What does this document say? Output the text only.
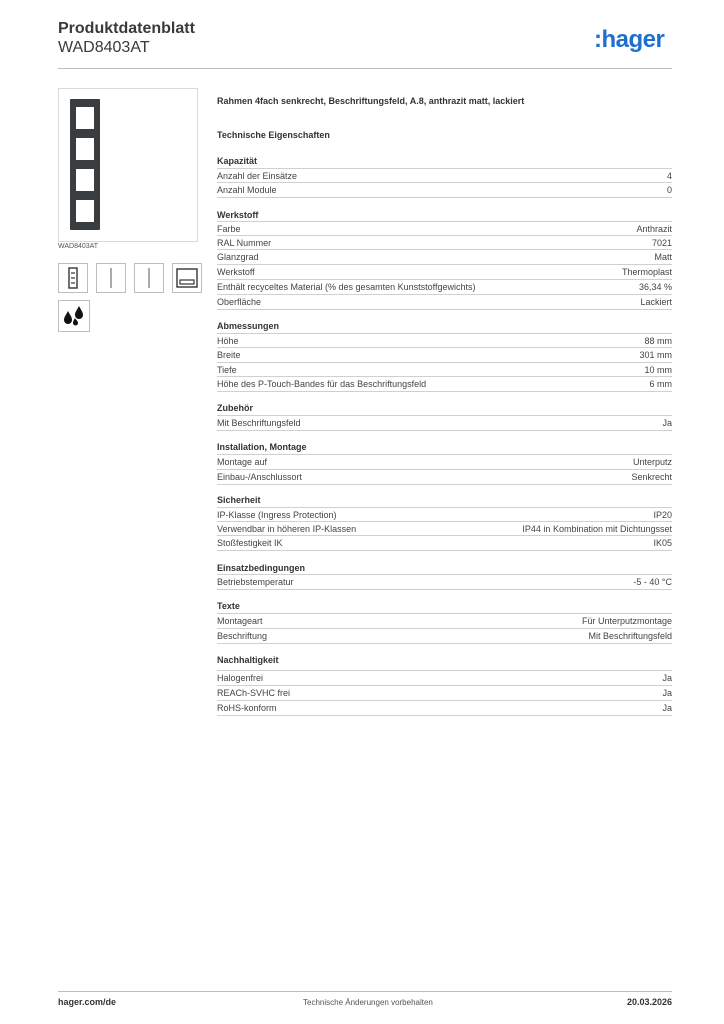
Produktdatenblatt
WAD8403AT	:hager
WAD8403AT
Rahmen 4fach senkrecht, Beschriftungsfeld, A.8, anthrazit matt, lackiert
Technische Eigenschaften
Kapazität
Anzahl der Einsätze	4
Anzahl Module	0
Werkstoff
Farbe	Anthrazit
RAL Nummer	7021
Glanzgrad	Matt
Werkstoff	Thermoplast
Enthält recyceltes Material (% des gesamten Kunststoffgewichts)	36,34 %
Oberfläche	Lackiert
Abmessungen
Höhe	88 mm
Breite	301 mm
Tiefe	10 mm
Höhe des P-Touch-Bandes für das Beschriftungsfeld	6 mm
Zubehör
Mit Beschriftungsfeld	Ja
Installation, Montage
Montage auf	Unterputz
Einbau-/Anschlussort	Senkrecht
Sicherheit
IP-Klasse (Ingress Protection)	IP20
Verwendbar in höheren IP-Klassen	IP44 in Kombination mit Dichtungsset
Stoßfestigkeit IK	IK05
Einsatzbedingungen
Betriebstemperatur	-5 - 40 °C
Texte
Montageart	Für Unterputzmontage
Beschriftung	Mit Beschriftungsfeld
Nachhaltigkeit
Halogenfrei	Ja
REACh-SVHC frei	Ja
RoHS-konform	Ja
hager.com/de	Technische Änderungen vorbehalten	20.03.2026
